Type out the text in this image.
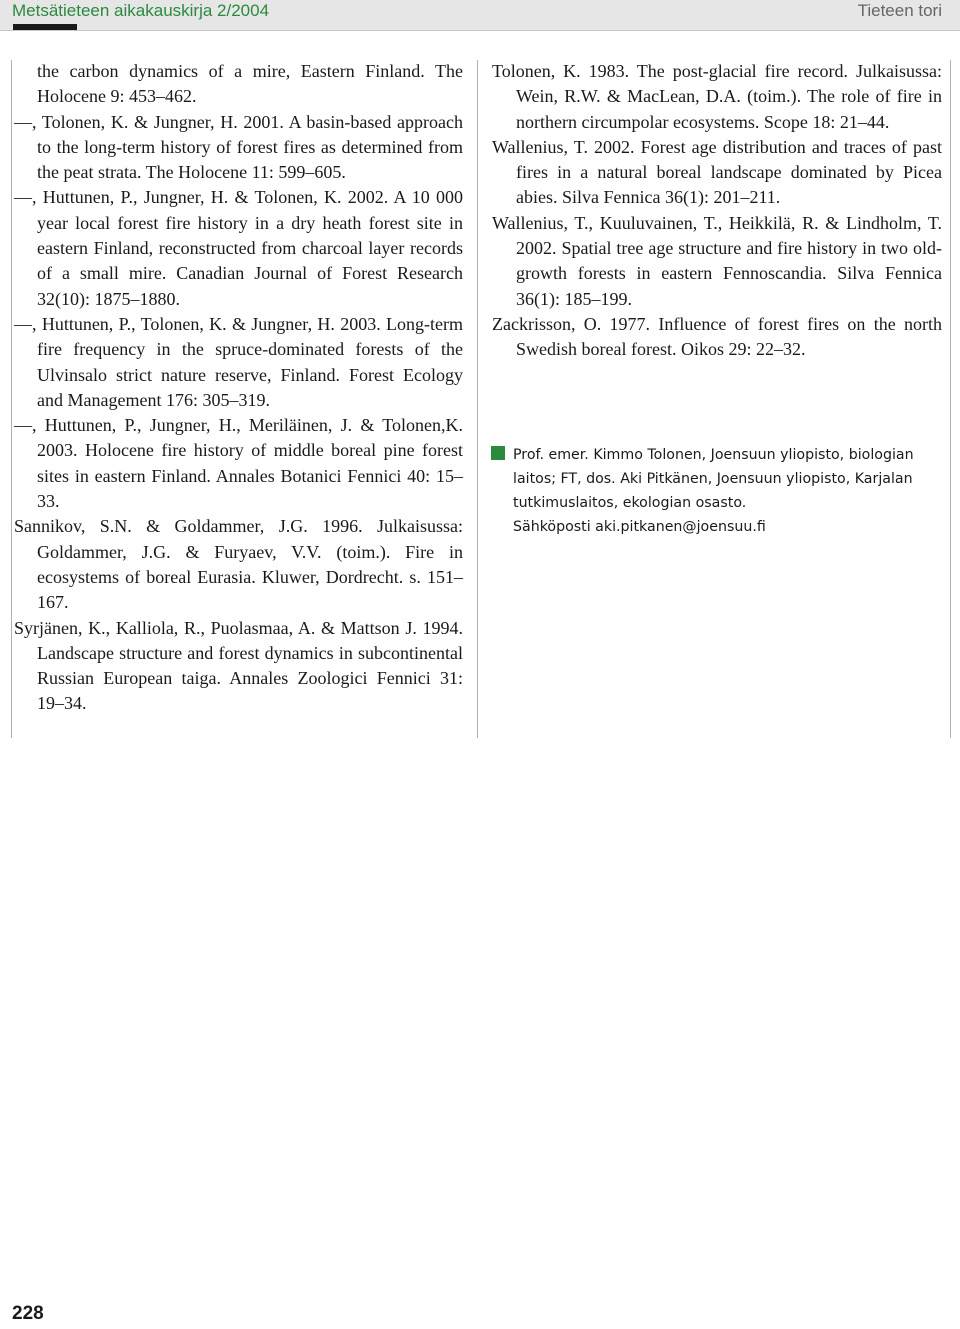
Metsätieteen aikakauskirja 2/2004	Tieteen tori
the carbon dynamics of a mire, Eastern Finland. The Holocene 9: 453–462.
—, Tolonen, K. & Jungner, H. 2001. A basin-based approach to the long-term history of forest fires as determined from the peat strata. The Holocene 11: 599–605.
—, Huttunen, P., Jungner, H. & Tolonen, K. 2002. A 10 000 year local forest fire history in a dry heath forest site in eastern Finland, reconstructed from charcoal layer records of a small mire. Canadian Journal of Forest Research 32(10): 1875–1880.
—, Huttunen, P., Tolonen, K. & Jungner, H. 2003. Long-term fire frequency in the spruce-dominated forests of the Ulvinsalo strict nature reserve, Finland. Forest Ecology and Management 176: 305–319.
—, Huttunen, P., Jungner, H., Meriläinen, J. & Tolonen,K. 2003. Holocene fire history of middle boreal pine forest sites in eastern Finland. Annales Botanici Fennici 40: 15–33.
Sannikov, S.N. & Goldammer, J.G. 1996. Julkaisussa: Goldammer, J.G. & Furyaev, V.V. (toim.). Fire in ecosystems of boreal Eurasia. Kluwer, Dordrecht. s. 151–167.
Syrjänen, K., Kalliola, R., Puolasmaa, A. & Mattson J. 1994. Landscape structure and forest dynamics in subcontinental Russian European taiga. Annales Zoologici Fennici 31: 19–34.
Tolonen, K. 1983. The post-glacial fire record. Julkaisussa: Wein, R.W. & MacLean, D.A. (toim.). The role of fire in northern circumpolar ecosystems. Scope 18: 21–44.
Wallenius, T. 2002. Forest age distribution and traces of past fires in a natural boreal landscape dominated by Picea abies. Silva Fennica 36(1): 201–211.
Wallenius, T., Kuuluvainen, T., Heikkilä, R. & Lindholm, T. 2002. Spatial tree age structure and fire history in two old-growth forests in eastern Fennoscandia. Silva Fennica 36(1): 185–199.
Zackrisson, O. 1977. Influence of forest fires on the north Swedish boreal forest. Oikos 29: 22–32.

Prof. emer. Kimmo Tolonen, Joensuun yliopisto, biologian
laitos; FT, dos. Aki Pitkänen, Joensuun yliopisto, Karjalan
tutkimuslaitos, ekologian osasto.
Sähköposti aki.pitkanen@joensuu.fi

228
